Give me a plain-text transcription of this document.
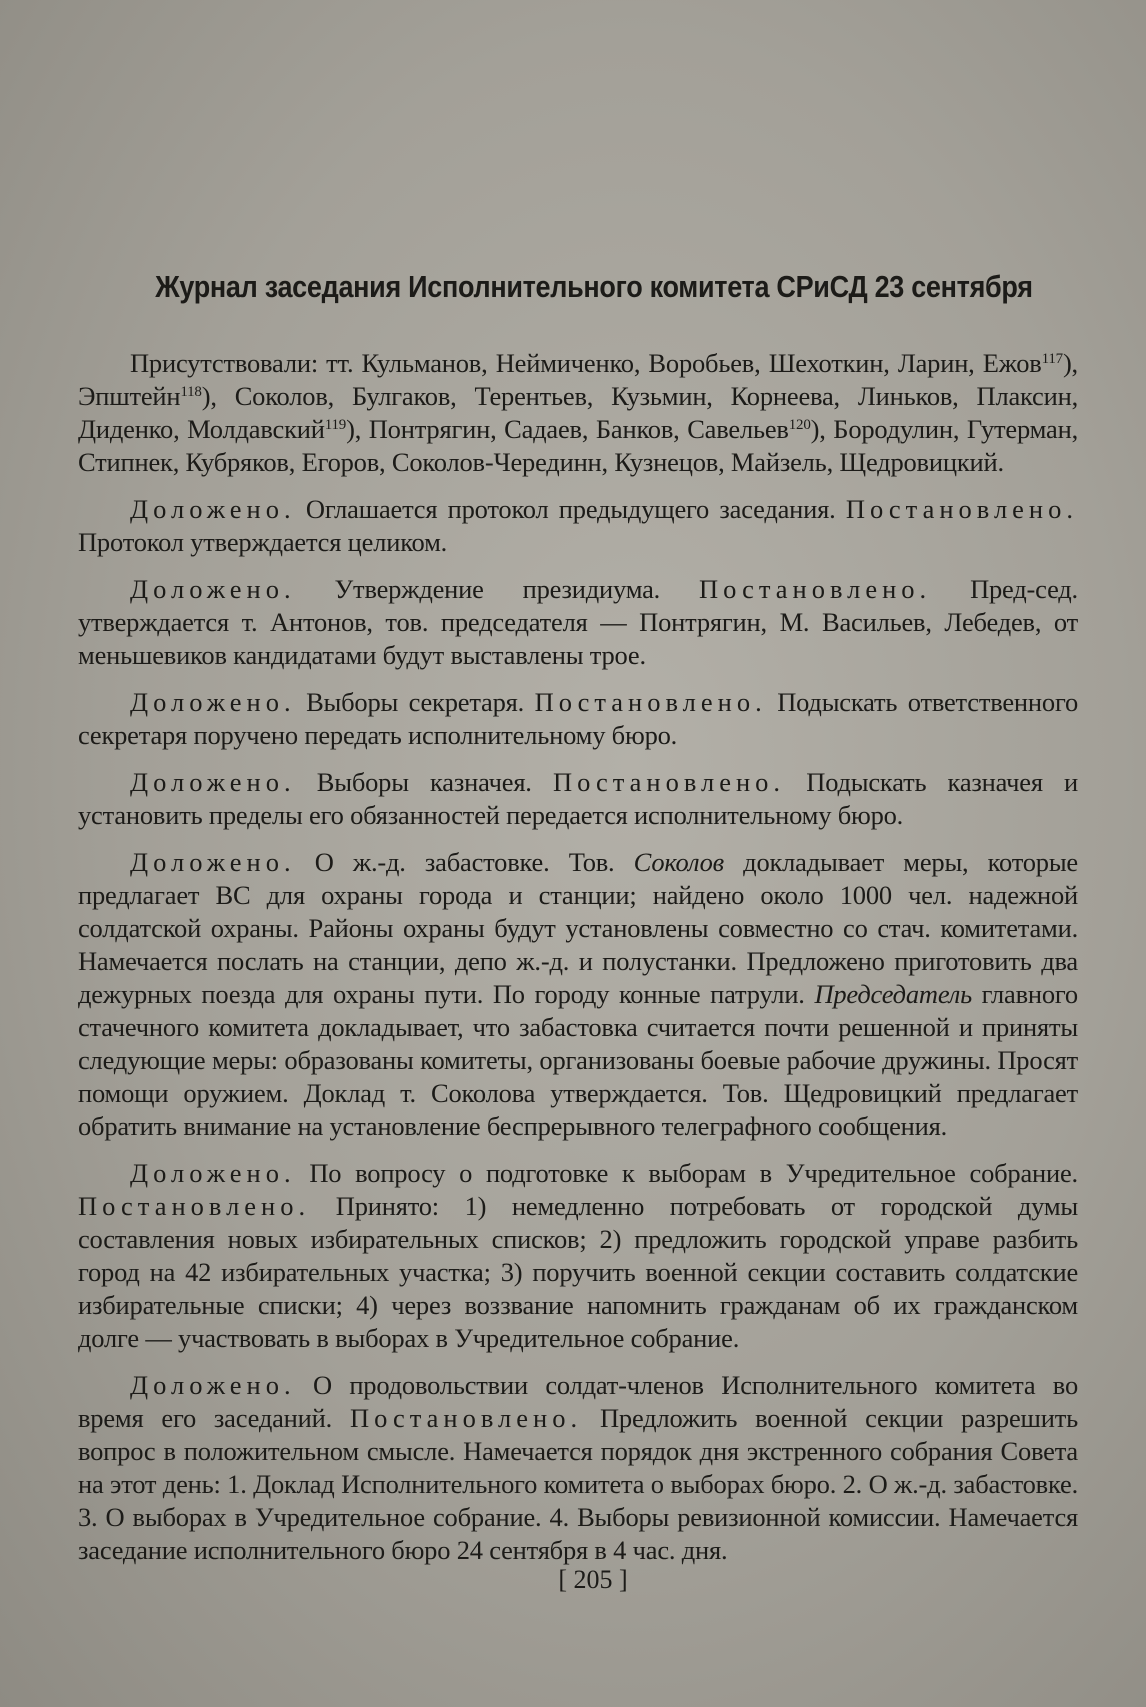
Журнал заседания Исполнительного комитета СРиСД 23 сентября

Присутствовали: тт. Кульманов, Неймиченко, Воробьев, Шехоткин, Ларин, Ежов$^{117}$), Эпштейн$^{118}$), Соколов, Булгаков, Терентьев, Кузьмин, Корнеева, Линьков, Плаксин, Диденко, Молдавский$^{119}$), Понтрягин, Садаев, Банков, Савельев$^{120}$), Бородулин, Гутерман, Стипнек, Кубряков, Егоров, Соколов-Черединн, Кузнецов, Майзель, Щедровицкий.

Доложено. Оглашается протокол предыдущего заседания. Постановлено. Протокол утверждается целиком.

Доложено. Утверждение президиума. Постановлено. Пред-сед. утверждается т. Антонов, тов. председателя — Понтрягин, М. Васильев, Лебедев, от меньшевиков кандидатами будут выставлены трое.

Доложено. Выборы секретаря. Постановлено. Подыскать ответственного секретаря поручено передать исполнительному бюро.

Доложено. Выборы казначея. Постановлено. Подыскать казначея и установить пределы его обязанностей передается исполнительному бюро.

Доложено. О ж.-д. забастовке. Тов. Соколов докладывает меры, которые предлагает ВС для охраны города и станции; найдено около 1000 чел. надежной солдатской охраны. Районы охраны будут установлены совместно со стач. комитетами. Намечается послать на станции, депо ж.-д. и полустанки. Предложено приготовить два дежурных поезда для охраны пути. По городу конные патрули. Председатель главного стачечного комитета докладывает, что забастовка считается почти решенной и приняты следующие меры: образованы комитеты, организованы боевые рабочие дружины. Просят помощи оружием. Доклад т. Соколова утверждается. Тов. Щедровицкий предлагает обратить внимание на установление беспрерывного телеграфного сообщения.

Доложено. По вопросу о подготовке к выборам в Учредительное собрание. Постановлено. Принято: 1) немедленно потребовать от городской думы составления новых избирательных списков; 2) предложить городской управе разбить город на 42 избирательных участка; 3) поручить военной секции составить солдатские избирательные списки; 4) через воззвание напомнить гражданам об их гражданском долге — участвовать в выборах в Учредительное собрание.

Доложено. О продовольствии солдат-членов Исполнительного комитета во время его заседаний. Постановлено. Предложить военной секции разрешить вопрос в положительном смысле. Намечается порядок дня экстренного собрания Совета на этот день: 1. Доклад Исполнительного комитета о выборах бюро. 2. О ж.-д. забастовке. 3. О выборах в Учредительное собрание. 4. Выборы ревизионной комиссии. Намечается заседание исполнительного бюро 24 сентября в 4 час. дня.

[ 205 ]
